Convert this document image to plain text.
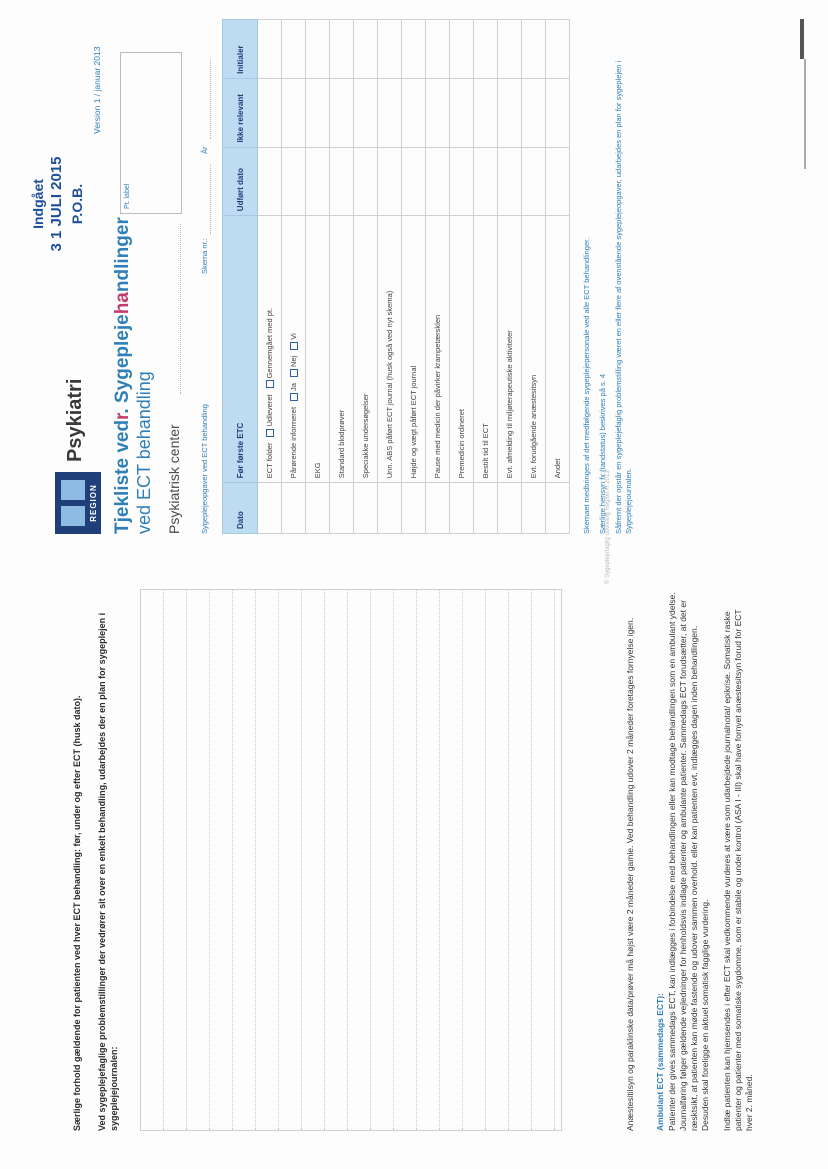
Særlige forhold gældende for patienten ved hver ECT behandling: før, under og efter ECT (husk dato). Ved sygeplejefaglige problemstillinger der vedrører sit over en enkelt behandling, udarbejdes der en plan for sygeplejen i sygeplejejournalen:	Anæstesitilsyn og paraklinske data/prøver må højst være 2 måneder gamle. Ved behandling udover 2 måneder foretages fornyelse igen. Ambulant ECT (sammedags ECT): Patienter der gives sammedags ECT, kan indlægges i forbindelse med behandlingen eller kan modtage behandlingen som en ambulant ydelse. Journalføring følger gældende vejledninger for henholdsvis indlagte patienter og ambulante patienter. Sammedags ECT forudsætter, at det er ræsktsikt, at patienten kan møde fastende og udover sammen overhold. eller kan patienten evt. indlægges dagen inden behandlingen. Desuden skal foreligge en aktuel somatisk fagglige vurdering. Indlæ patienten kan hjemsendes i efter ECT skal vedkommende vurderes at være som udarbejdede journalnotat/ epikrise. Somatisk raske patienter og patienter med somatiske sygdomme, som er stabile og under kontrol (ASA I - III) skal have fornyet anæstesitsyn forud for ECT hver 2. måned.
REGION
Psykiatri
Indgået 3 1 JULI 2015 P.O.B.
Version 1 / januar 2013
Tjekliste vedr. Sygeplejehandlinger
ved ECT behandling
Pt. label
Psykiatrisk center Sygeplejeopgaver ved ECT behandling
Skema nr.:
År
Dato	Før første ETC	Udført dato	Ikke relevant	Initialer
	ECT folderUdleveretGennemgået med pt.			
	Pårørende informeretJaNejVi			
	EKG			
	Standard blodprøver			
	Speciakke undersøgelser			
	Unn. ABS påført ECT journal (husk også ved nyt skema)			
	Højde og vægt påført ECT journal			
	Pause med medicin der påvirker krampetærsklen			
	Premedicin ordineret			
	Bestilt tid til ECT			
	Evt. afmelding til miljøterapeutiske aktiviteter			
	Evt. forudgående anæstesitsyn			
	Andet				Skemaet medbringes af det medfølgende sygeplejepersonale ved alle ECT behandlinger. Særlige hensyn fx (tandstatus) beskrives på s. 4 Såfremt der opstår en sygeplejefaglig problemstilling været en eller flere af ovenstående sygeplejeopgaver, udarbejdes en plan for sygeplejen i Sygeplejejournalen.
© Sygeplejefaglig udvikling Region H 2013
